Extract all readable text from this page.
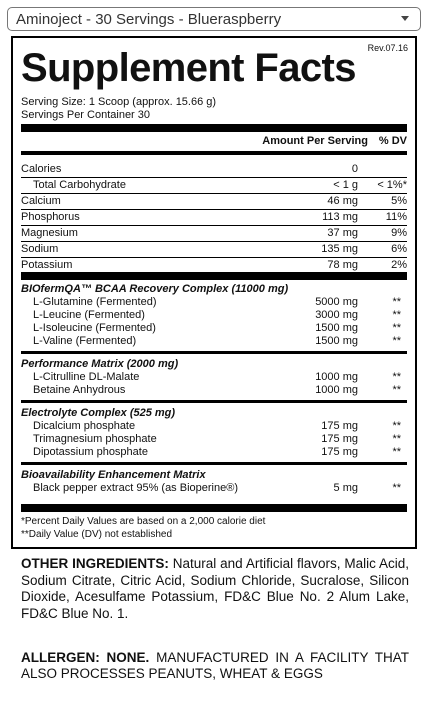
Aminoject - 30 Servings - Blueraspberry
Rev.07.16
Supplement Facts
Serving Size: 1 Scoop (approx. 15.66 g)
Servings Per Container 30
Amount Per Serving % DV
Calories	0
Total Carbohydrate	< 1 g < 1%*
Calcium	46 mg	5%
Phosphorus	113 mg	11%
Magnesium	37 mg	9%
Sodium	135 mg	6%
Potassium	78 mg	2%
BIOfermQA™ BCAA Recovery Complex (11000 mg)
L-Glutamine (Fermented)	5000 mg	**
L-Leucine (Fermented)	3000 mg	**
L-Isoleucine (Fermented)	1500 mg	**
L-Valine (Fermented)	1500 mg	**
Performance Matrix (2000 mg)
L-Citrulline DL-Malate	1000 mg	**
Betaine Anhydrous	1000 mg	**
Electrolyte Complex (525 mg)
Dicalcium phosphate	175 mg	**
Trimagnesium phosphate	175 mg	**
Dipotassium phosphate	175 mg	**
Bioavailability Enhancement Matrix
Black pepper extract 95% (as Bioperine®)	5 mg	**
*Percent Daily Values are based on a 2,000 calorie diet
**Daily Value (DV) not established
OTHER INGREDIENTS: Natural and Artificial flavors, Malic Acid, Sodium Citrate, Citric Acid, Sodium Chloride, Sucralose, Silicon Dioxide, Acesulfame Potassium, FD&C Blue No. 2 Alum Lake, FD&C Blue No. 1.
ALLERGEN: NONE. MANUFACTURED IN A FACILITY THAT ALSO PROCESSES PEANUTS, WHEAT & EGGS
